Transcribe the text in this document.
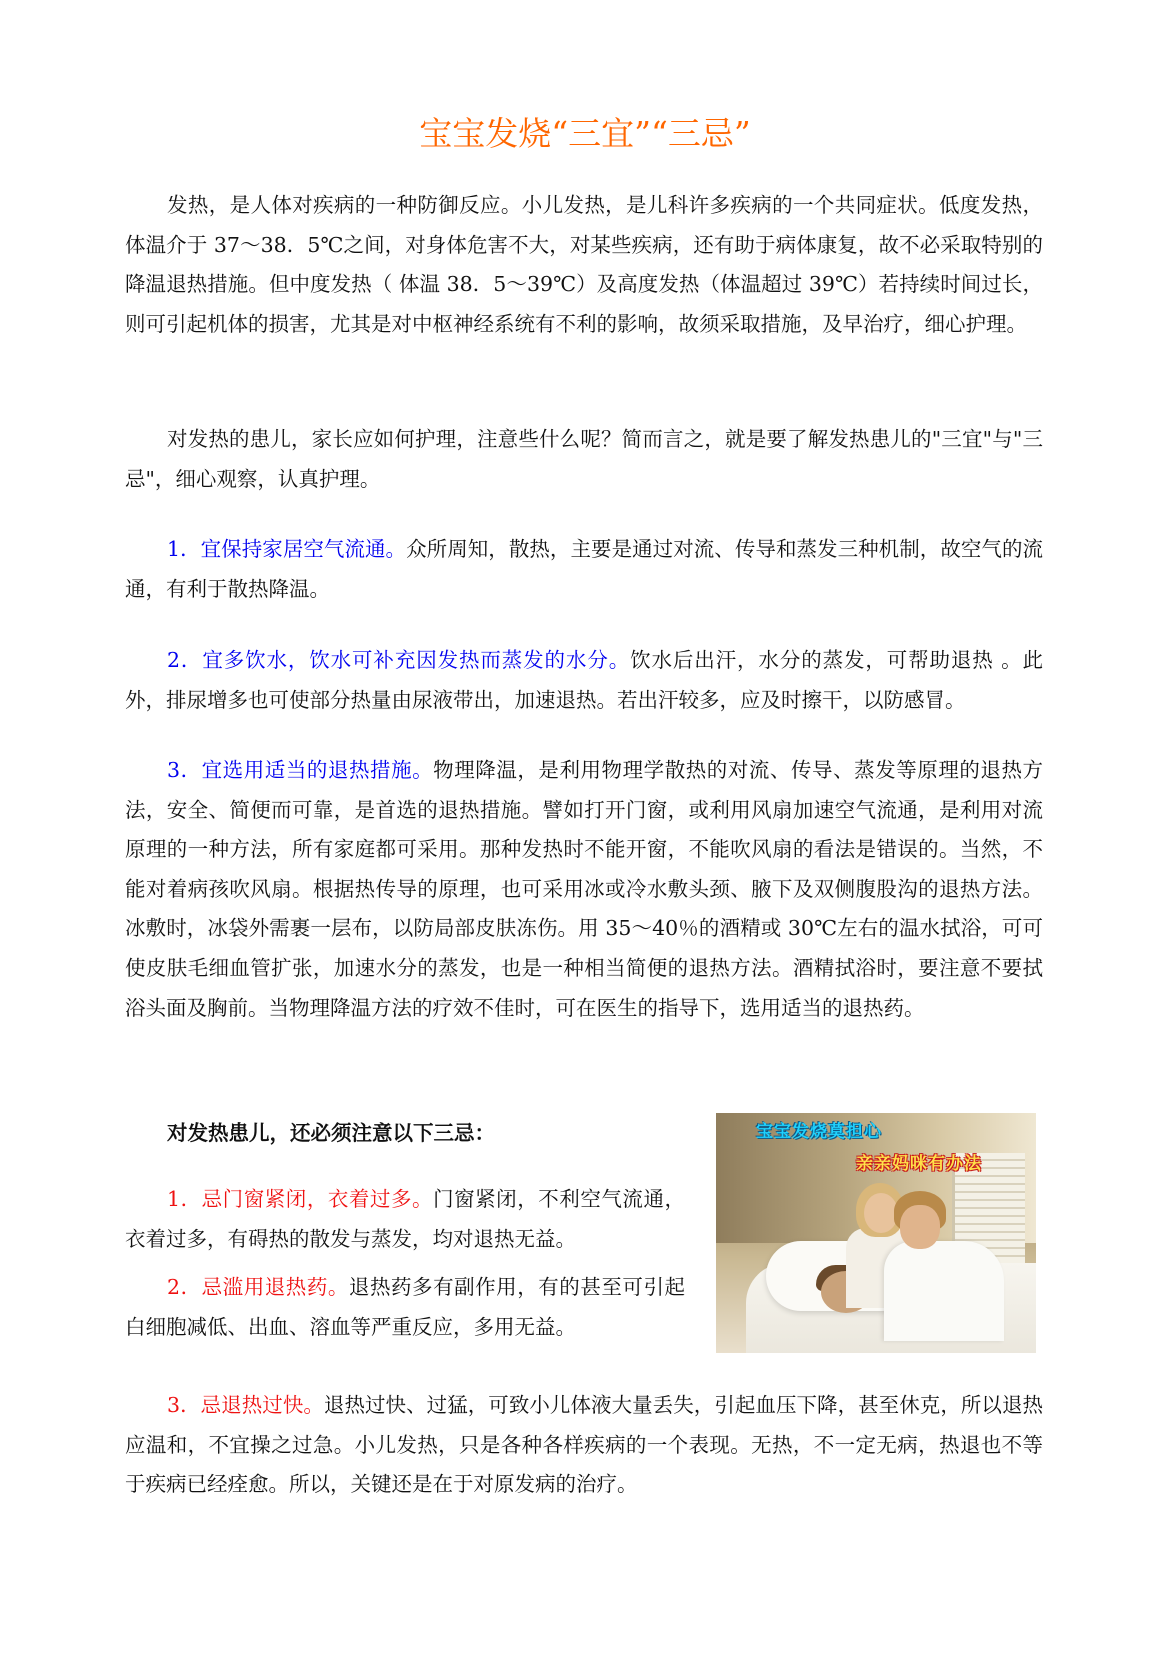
宝宝发烧“三宜”“三忌”

发热，是人体对疾病的一种防御反应。小儿发热，是儿科许多疾病的一个共同症状。低度发热，体温介于 37～38．5℃之间，对身体危害不大，对某些疾病，还有助于病体康复，故不必采取特别的降温退热措施。但中度发热（ 体温 38．5～39℃）及高度发热（体温超过 39℃）若持续时间过长，则可引起机体的损害，尤其是对中枢神经系统有不利的影响，故须采取措施，及早治疗，细心护理。

对发热的患儿，家长应如何护理，注意些什么呢？简而言之，就是要了解发热患儿的"三宜"与"三忌"，细心观察，认真护理。

1．宜保持家居空气流通。众所周知，散热，主要是通过对流、传导和蒸发三种机制，故空气的流通，有利于散热降温。

2．宜多饮水，饮水可补充因发热而蒸发的水分。饮水后出汗，水分的蒸发，可帮助退热 。此外，排尿增多也可使部分热量由尿液带出，加速退热。若出汗较多，应及时擦干，以防感冒。

3．宜选用适当的退热措施。物理降温，是利用物理学散热的对流、传导、蒸发等原理的退热方法，安全、简便而可靠，是首选的退热措施。譬如打开门窗，或利用风扇加速空气流通，是利用对流原理的一种方法，所有家庭都可采用。那种发热时不能开窗，不能吹风扇的看法是错误的。当然，不能对着病孩吹风扇。根据热传导的原理，也可采用冰或冷水敷头颈、腋下及双侧腹股沟的退热方法。冰敷时，冰袋外需裹一层布，以防局部皮肤冻伤。用 35～40％的酒精或 30℃左右的温水拭浴，可可使皮肤毛细血管扩张，加速水分的蒸发，也是一种相当简便的退热方法。酒精拭浴时，要注意不要拭浴头面及胸前。当物理降温方法的疗效不佳时，可在医生的指导下，选用适当的退热药。

对发热患儿，还必须注意以下三忌：

1．忌门窗紧闭，衣着过多。门窗紧闭，不利空气流通，衣着过多，有碍热的散发与蒸发，均对退热无益。

2．忌滥用退热药。退热药多有副作用，有的甚至可引起白细胞减低、出血、溶血等严重反应，多用无益。

3．忌退热过快。退热过快、过猛，可致小儿体液大量丢失，引起血压下降，甚至休克，所以退热应温和，不宜操之过急。小儿发热，只是各种各样疾病的一个表现。无热，不一定无病，热退也不等于疾病已经痊愈。所以，关键还是在于对原发病的治疗。

宝宝发烧莫担心
亲亲妈咪有办法
